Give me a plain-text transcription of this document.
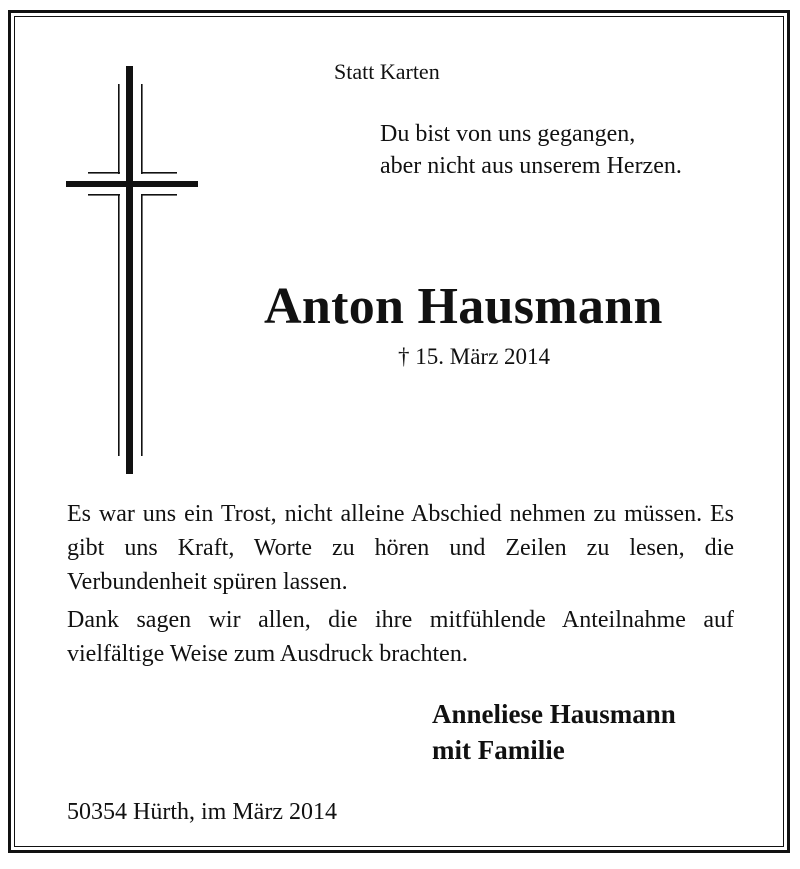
Statt Karten
Du bist von uns gegangen,
aber nicht aus unserem Herzen.
Anton Hausmann
† 15. März 2014
Es war uns ein Trost, nicht alleine Abschied nehmen zu müssen. Es gibt uns Kraft, Worte zu hören und Zeilen zu lesen, die Verbundenheit spüren lassen.
Dank sagen wir allen, die ihre mitfühlende Anteilnahme auf vielfältige Weise zum Ausdruck brachten.
Anneliese Hausmann
mit Familie
50354 Hürth, im März 2014
